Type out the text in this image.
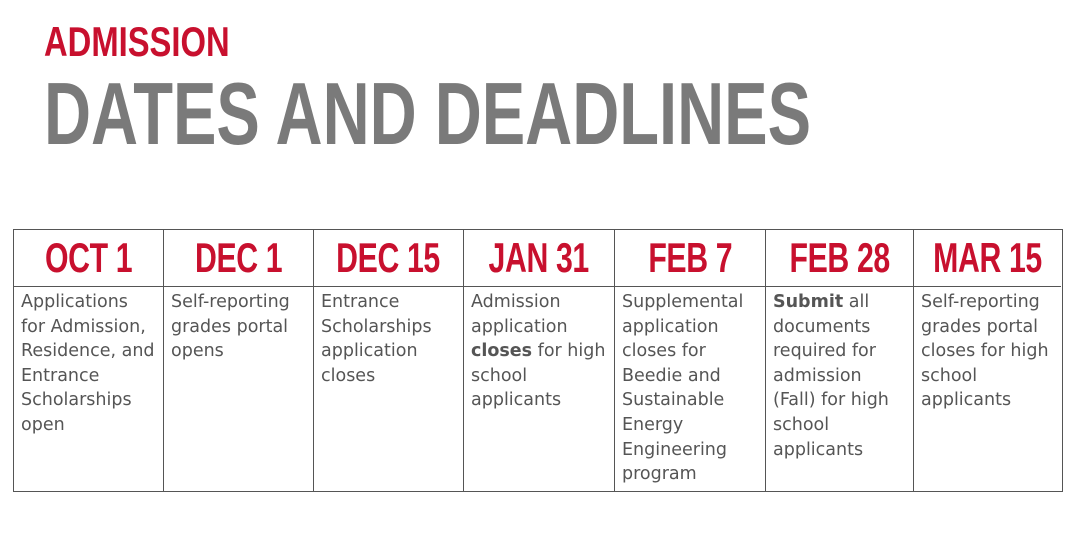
ADMISSION
DATES AND DEADLINES
OCT 1
Applications for Admission, Residence, and Entrance Scholarships open
DEC 1
Self-reporting grades portal opens
DEC 15
Entrance Scholarships application closes
JAN 31
Admission application closes for high school applicants
FEB 7
Supplemental application closes for Beedie and Sustainable Energy Engineering program
FEB 28
Submit all documents required for admission (Fall) for high school applicants
MAR 15
Self-reporting grades portal closes for high school applicants
